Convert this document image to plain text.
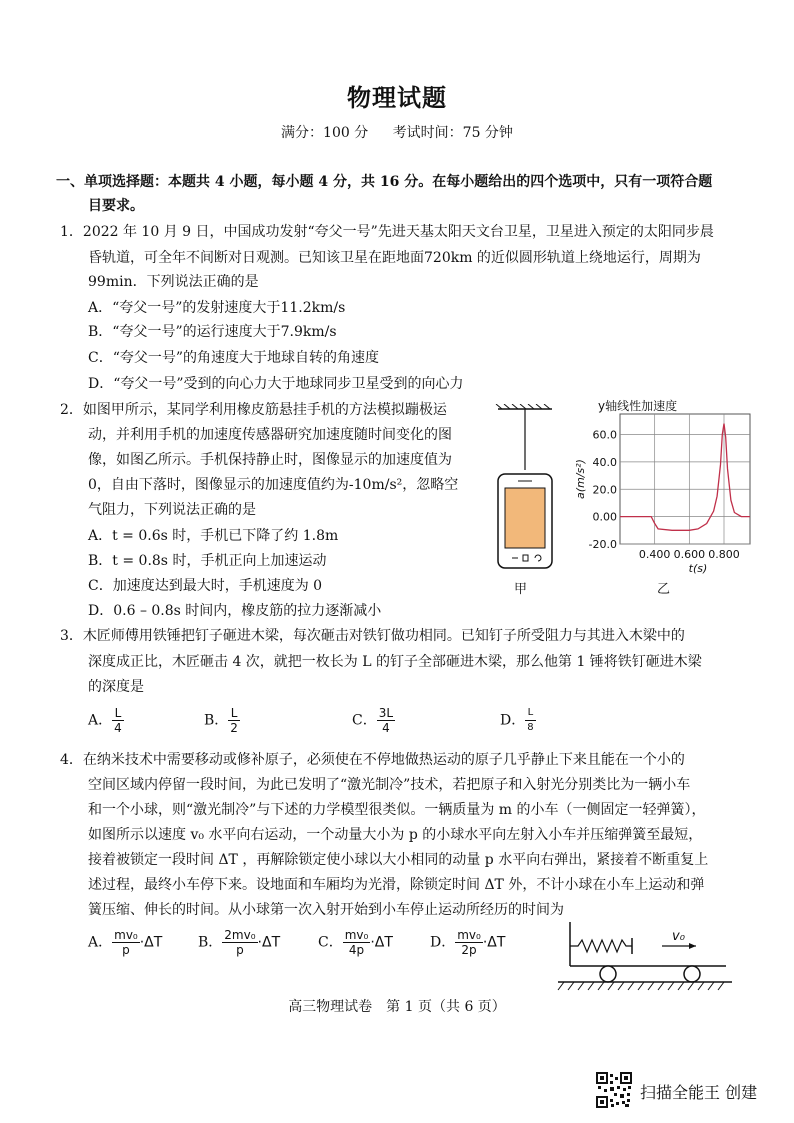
物理试题
满分：100 分 考试时间：75 分钟
一、单项选择题：本题共 4 小题，每小题 4 分，共 16 分。在每小题给出的四个选项中，只有一项符合题
目要求。
1．2022 年 10 月 9 日，中国成功发射“夸父一号”先进天基太阳天文台卫星，卫星进入预定的太阳同步晨
昏轨道，可全年不间断对日观测。已知该卫星在距地面720km 的近似圆形轨道上绕地运行，周期为
99min．下列说法正确的是
A．“夸父一号”的发射速度大于11.2km/s
B．“夸父一号”的运行速度大于7.9km/s
C．“夸父一号”的角速度大于地球自转的角速度
D．“夸父一号”受到的向心力大于地球同步卫星受到的向心力
2．如图甲所示，某同学利用橡皮筋悬挂手机的方法模拟蹦极运
动，并利用手机的加速度传感器研究加速度随时间变化的图
像，如图乙所示。手机保持静止时，图像显示的加速度值为
0，自由下落时，图像显示的加速度值约为-10m/s²，忽略空
气阻力，下列说法正确的是
A．t = 0.6s 时，手机已下降了约 1.8m
B．t = 0.8s 时，手机正向上加速运动
C．加速度达到最大时，手机速度为 0
D．0.6 – 0.8s 时间内，橡皮筋的拉力逐渐减小
甲
y轴线性加速度
60.0
40.0
20.0
0.00
-20.0
0.400 0.600 0.800
t(s)
a(m/s²)
乙
3．木匠师傅用铁锤把钉子砸进木梁，每次砸击对铁钉做功相同。已知钉子所受阻力与其进入木梁中的
深度成正比，木匠砸击 4 次，就把一枚长为 L 的钉子全部砸进木梁，那么他第 1 锤将铁钉砸进木梁
的深度是
A． $\frac{L}{4}$	B． $\frac{L}{2}$	C． $\frac{3L}{4}$	D． $\frac{L}{8}$
4．在纳米技术中需要移动或修补原子，必须使在不停地做热运动的原子几乎静止下来且能在一个小的
空间区域内停留一段时间，为此已发明了“激光制冷”技术，若把原子和入射光分别类比为一辆小车
和一个小球，则“激光制冷”与下述的力学模型很类似。一辆质量为 m 的小车（一侧固定一轻弹簧），
如图所示以速度 v₀ 水平向右运动，一个动量大小为 p 的小球水平向左射入小车并压缩弹簧至最短，
接着被锁定一段时间 ΔT ，再解除锁定使小球以大小相同的动量 p 水平向右弹出，紧接着不断重复上
述过程，最终小车停下来。设地面和车厢均为光滑，除锁定时间 ΔT 外，不计小球在小车上运动和弹
簧压缩、伸长的时间。从小球第一次入射开始到小车停止运动所经历的时间为
A． $\frac{\text{mv₀}}{p} \cdot\Delta T$	B． $\frac{\text{2mv₀}}{p} \cdot\Delta T$	C． $\frac{\text{mv₀}}{4p} \cdot\Delta T$	D． $\frac{\text{mv₀}}{2p} \cdot\Delta T$	v₀
高三物理试卷　第 1 页（共 6 页）
扫描全能王 创建
